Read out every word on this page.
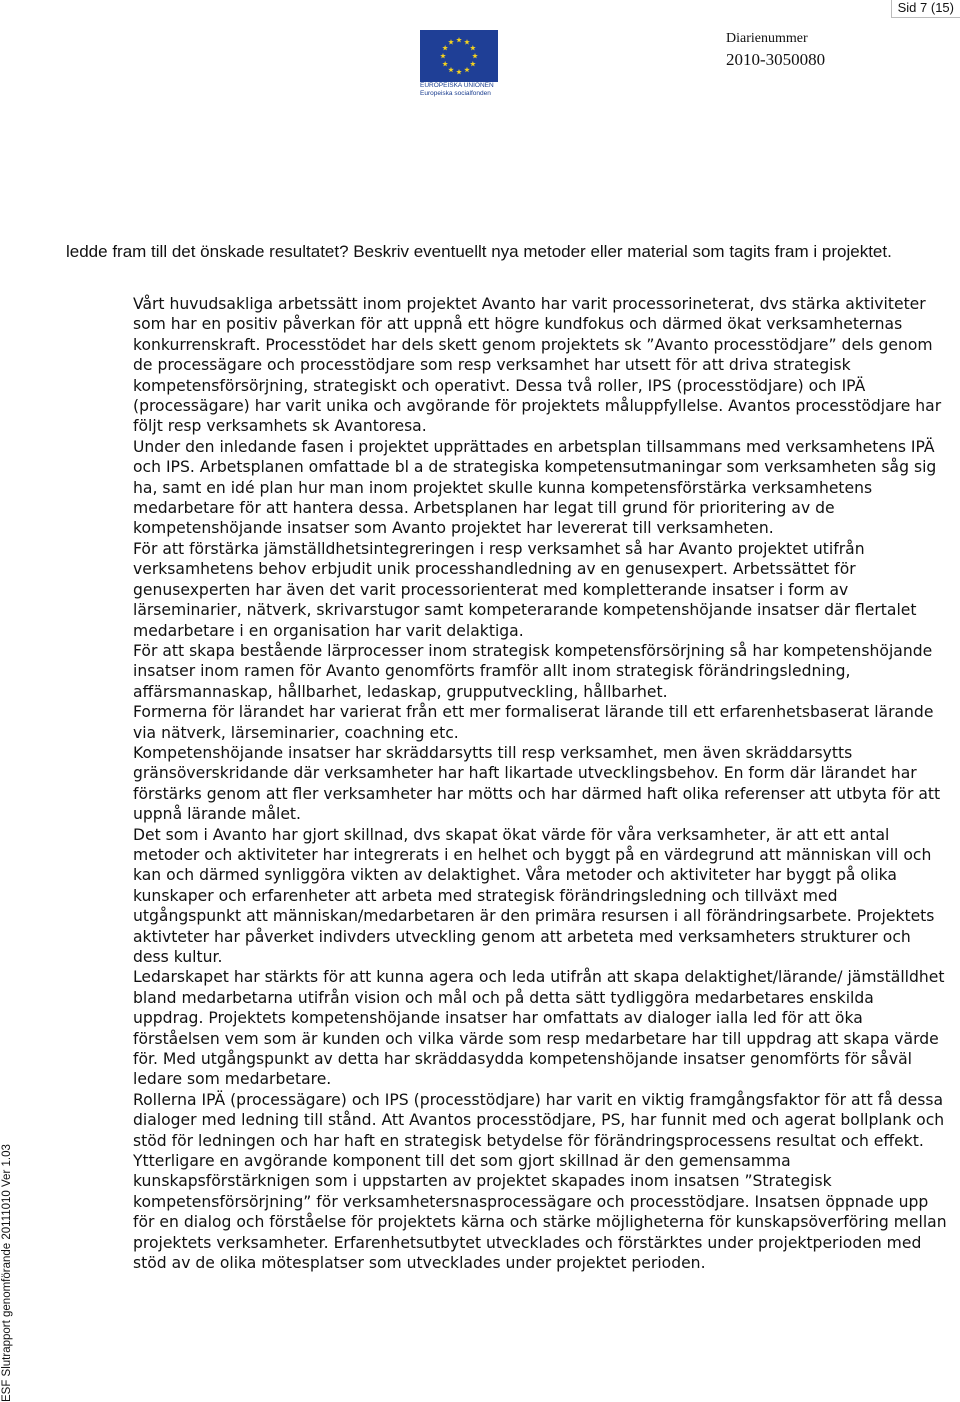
Sid 7 (15)
EUROPEISKA UNIONEN
Europeiska socialfonden
Diarienummer
2010-3050080
ESF Slutrapport genomförande 20111010 Ver 1.03

ledde fram till det önskade resultatet? Beskriv eventuellt nya metoder eller material som tagits fram i projektet.

Vårt huvudsakliga arbetssätt inom projektet Avanto har varit processorineterat, dvs stärka aktiviteter som har en positiv påverkan för att uppnå ett högre kundfokus och därmed ökat verksamheternas konkurrenskraft. Processtödet har dels skett genom projektets sk ”Avanto processtödjare” dels genom de processägare och processtödjare som resp verksamhet har utsett för att driva strategisk kompetensförsörjning, strategiskt och operativt. Dessa två roller, IPS (processtödjare) och IPÄ (processägare) har varit unika och avgörande för projektets måluppfyllelse. Avantos processtödjare har följt resp verksamhets sk Avantoresa.

Under den inledande fasen i projektet upprättades en arbetsplan tillsammans med verksamhetens IPÄ och IPS. Arbetsplanen omfattade bl a de strategiska kompetensutmaningar som verksamheten såg sig ha, samt en idé plan hur man inom projektet skulle kunna kompetensförstärka verksamhetens medarbetare för att hantera dessa. Arbetsplanen har legat till grund för prioritering av de kompetenshöjande insatser som Avanto projektet har levererat till verksamheten.

För att förstärka jämställdhetsintegreringen i resp verksamhet så har Avanto projektet utifrån verksamhetens behov erbjudit unik processhandledning av en genusexpert. Arbetssättet för genusexperten har även det varit processorienterat med kompletterande insatser i form av lärseminarier, nätverk, skrivarstugor samt kompeterarande kompetenshöjande insatser där flertalet medarbetare i en organisation har varit delaktiga.

För att skapa bestående lärprocesser inom strategisk kompetensförsörjning så har kompetenshöjande insatser inom ramen för Avanto genomförts framför allt inom strategisk förändringsledning, affärsmannaskap, hållbarhet, ledaskap, grupputveckling, hållbarhet.

Formerna för lärandet har varierat från ett mer formaliserat lärande till ett erfarenhetsbaserat lärande via nätverk, lärseminarier, coachning etc.

Kompetenshöjande insatser har skräddarsytts till resp verksamhet, men även skräddarsytts gränsöverskridande där verksamheter har haft likartade utvecklingsbehov. En form där lärandet har förstärks genom att fler verksamheter har mötts och har därmed haft olika referenser att utbyta för att uppnå lärande målet.

Det som i Avanto har gjort skillnad, dvs skapat ökat värde för våra verksamheter, är att ett antal metoder och aktiviteter har integrerats i en helhet och byggt på en värdegrund att människan vill och kan och därmed synliggöra vikten av delaktighet. Våra metoder och aktiviteter har byggt på olika kunskaper och erfarenheter att arbeta med strategisk förändringsledning och tillväxt med utgångspunkt att människan/medarbetaren är den primära resursen i all förändringsarbete. Projektets aktivteter har påverket indivders utveckling genom att arbeteta med verksamheters strukturer och dess kultur.

Ledarskapet har stärkts för att kunna agera och leda utifrån att skapa delaktighet/lärande/ jämställdhet bland medarbetarna utifrån vision och mål och på detta sätt tydliggöra medarbetares enskilda uppdrag. Projektets kompetenshöjande insatser har omfattats av dialoger ialla led för att öka förståelsen vem som är kunden och vilka värde som resp medarbetare har till uppdrag att skapa värde för. Med utgångspunkt av detta har skräddasydda kompetenshöjande insatser genomförts för såväl ledare som medarbetare.

Rollerna IPÄ (processägare) och IPS (processtödjare) har varit en viktig framgångsfaktor för att få dessa dialoger med ledning till stånd. Att Avantos processtödjare, PS, har funnit med och agerat bollplank och stöd för ledningen och har haft en strategisk betydelse för förändringsprocessens resultat och effekt.

Ytterligare en avgörande komponent till det som gjort skillnad är den gemensamma kunskapsförstärknigen som i uppstarten av projektet skapades inom insatsen ”Strategisk kompetensförsörjning” för verksamhetersnasprocessägare och processtödjare. Insatsen öppnade upp för en dialog och förståelse för projektets kärna och stärke möjligheterna för kunskapsöverföring mellan projektets verksamheter. Erfarenhetsutbytet utvecklades och förstärktes under projektperioden med stöd av de olika mötesplatser som utvecklades under projektet perioden.
